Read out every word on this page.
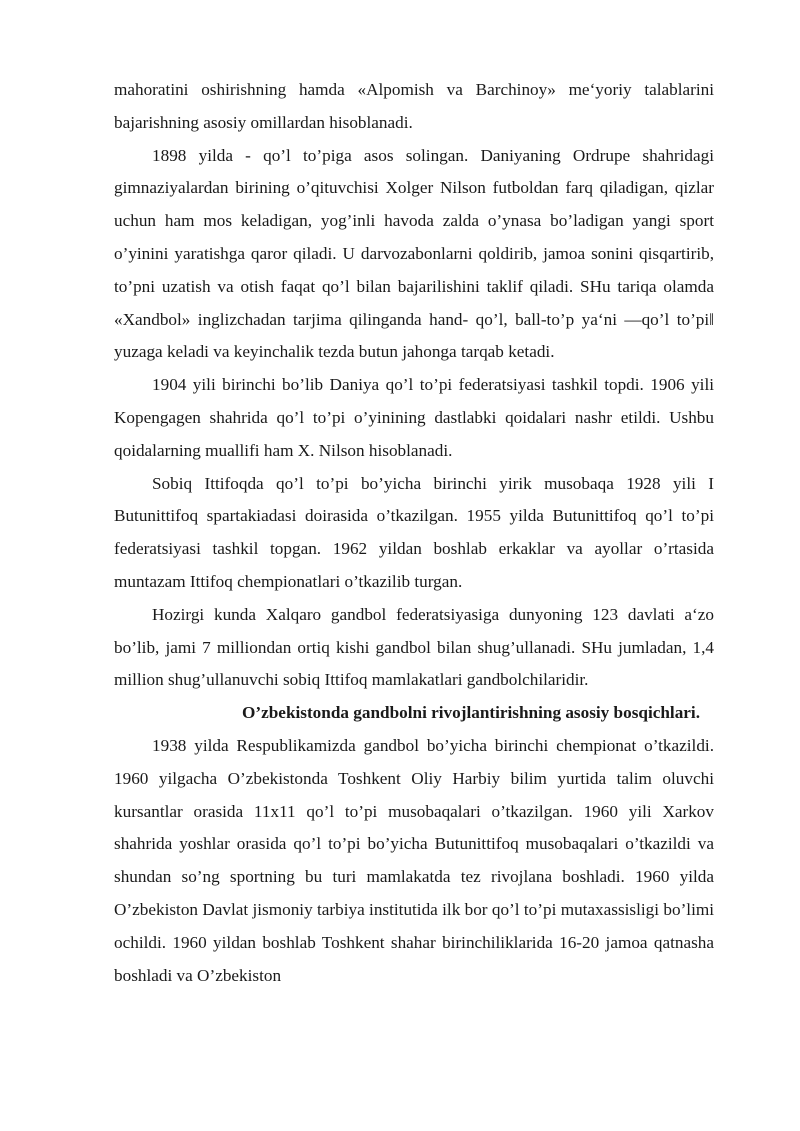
mahoratini oshirishning hamda «Alpomish va Barchinoy» me‘yoriy talablarini bajarishning asosiy omillardan hisoblanadi.

1898 yilda - qo’l to’piga asos solingan. Daniyaning Ordrupe shahridagi gimnaziyalardan birining o’qituvchisi Xolger Nilson futboldan farq qiladigan, qizlar uchun ham mos keladigan, yog’inli havoda zalda o’ynasa bo’ladigan yangi sport o’yinini yaratishga qaror qiladi. U darvozabonlarni qoldirib, jamoa sonini qisqartirib, to’pni uzatish va otish faqat qo’l bilan bajarilishini taklif qiladi. SHu tariqa olamda «Xandbol» inglizchadan tarjima qilinganda hand- qo’l, ball-to’p ya‘ni ―qo’l to’pi‖ yuzaga keladi va keyinchalik tezda butun jahonga tarqab ketadi.

1904 yili birinchi bo’lib Daniya qo’l to’pi federatsiyasi tashkil topdi. 1906 yili Kopengagen shahrida qo’l to’pi o’yinining dastlabki qoidalari nashr etildi. Ushbu qoidalarning muallifi ham X. Nilson hisoblanadi.

Sobiq Ittifoqda qo’l to’pi bo’yicha birinchi yirik musobaqa 1928 yili I Butunittifoq spartakiadasi doirasida o’tkazilgan. 1955 yilda Butunittifoq qo’l to’pi federatsiyasi tashkil topgan. 1962 yildan boshlab erkaklar va ayollar o’rtasida muntazam Ittifoq chempionatlari o’tkazilib turgan.

Hozirgi kunda Xalqaro gandbol federatsiyasiga dunyoning 123 davlati a‘zo bo’lib, jami 7 milliondan ortiq kishi gandbol bilan shug’ullanadi. SHu jumladan, 1,4 million shug’ullanuvchi sobiq Ittifoq mamlakatlari gandbolchilaridir.

O’zbekistonda gandbolni rivojlantirishning asosiy bosqichlari.

1938 yilda Respublikamizda gandbol bo’yicha birinchi chempionat o’tkazildi. 1960 yilgacha O’zbekistonda Toshkent Oliy Harbiy bilim yurtida talim oluvchi kursantlar orasida 11x11 qo’l to’pi musobaqalari o’tkazilgan. 1960 yili Xarkov shahrida yoshlar orasida qo’l to’pi bo’yicha Butunittifoq musobaqalari o’tkazildi va shundan so’ng sportning bu turi mamlakatda tez rivojlana boshladi. 1960 yilda O’zbekiston Davlat jismoniy tarbiya institutida ilk bor qo’l to’pi mutaxassisligi bo’limi ochildi. 1960 yildan boshlab Toshkent shahar birinchiliklarida 16-20 jamoa qatnasha boshladi va O’zbekiston
